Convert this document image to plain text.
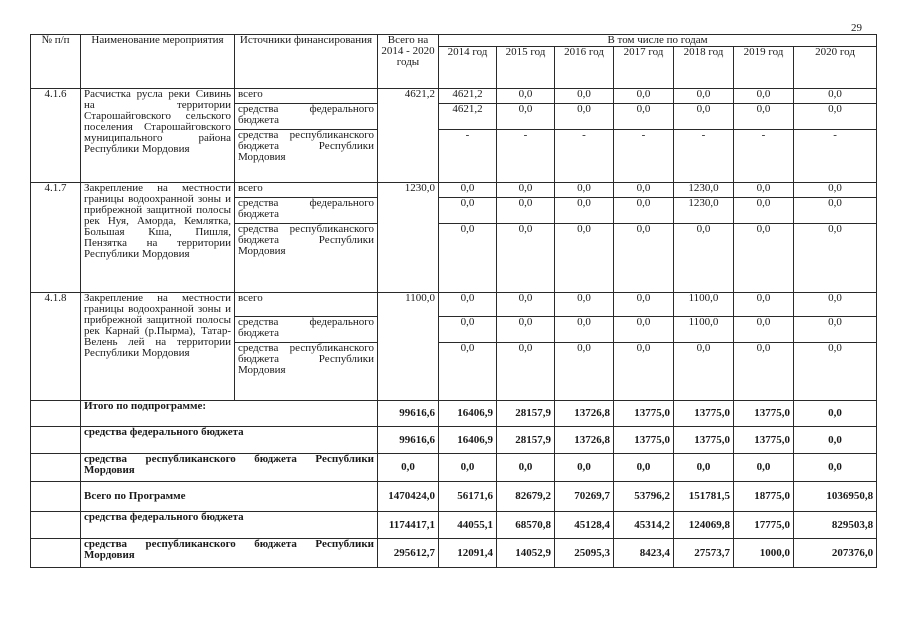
29
№ п/п	Наименование мероприятия	Источники финансирования	Всего на 2014 - 2020 годы	В том числе по годам						
				2014 год	2015 год	2016 год	2017 год	2018 год	2019 год	2020 год
4.1.6	Расчистка русла реки Сивинь на территории Старошайговского сельского поселения Старошайговского муниципального района Республики Мордовия	всего	4621,2	4621,2	0,0	0,0	0,0	0,0	0,0	0,0
		средства федерального бюджета		4621,2	0,0	0,0	0,0	0,0	0,0	0,0
		средства республиканского бюджета Республики Мордовия		-	-	-	-	-	-	-
4.1.7	Закрепление на местности границы водоохранной зоны и прибрежной защитной полосы рек Нуя, Аморда, Кемлятка, Большая Кша, Пишля, Пензятка на территории Республики Мордовия	всего	1230,0	0,0	0,0	0,0	0,0	1230,0	0,0	0,0
		средства федерального бюджета		0,0	0,0	0,0	0,0	1230,0	0,0	0,0
		средства республиканского бюджета Республики Мордовия		0,0	0,0	0,0	0,0	0,0	0,0	0,0
4.1.8	Закрепление на местности границы водоохранной зоны и прибрежной защитной полосы рек Карнай (р.Пырма), Татар-Велень лей на территории Республики Мордовия	всего	1100,0	0,0	0,0	0,0	0,0	1100,0	0,0	0,0
		средства федерального бюджета		0,0	0,0	0,0	0,0	1100,0	0,0	0,0
		средства республиканского бюджета Республики Мордовия		0,0	0,0	0,0	0,0	0,0	0,0	0,0
	Итого по подпрограмме:		99616,6	16406,9	28157,9	13726,8	13775,0	13775,0	13775,0	0,0
	средства федерального бюджета		99616,6	16406,9	28157,9	13726,8	13775,0	13775,0	13775,0	0,0
	средства республиканского бюджета Республики Мордовия		0,0	0,0	0,0	0,0	0,0	0,0	0,0	0,0
	Всего по Программе		1470424,0	56171,6	82679,2	70269,7	53796,2	151781,5	18775,0	1036950,8
	средства федерального бюджета		1174417,1	44055,1	68570,8	45128,4	45314,2	124069,8	17775,0	829503,8
	средства республиканского бюджета Республики Мордовия		295612,7	12091,4	14052,9	25095,3	8423,4	27573,7	1000,0	207376,0
